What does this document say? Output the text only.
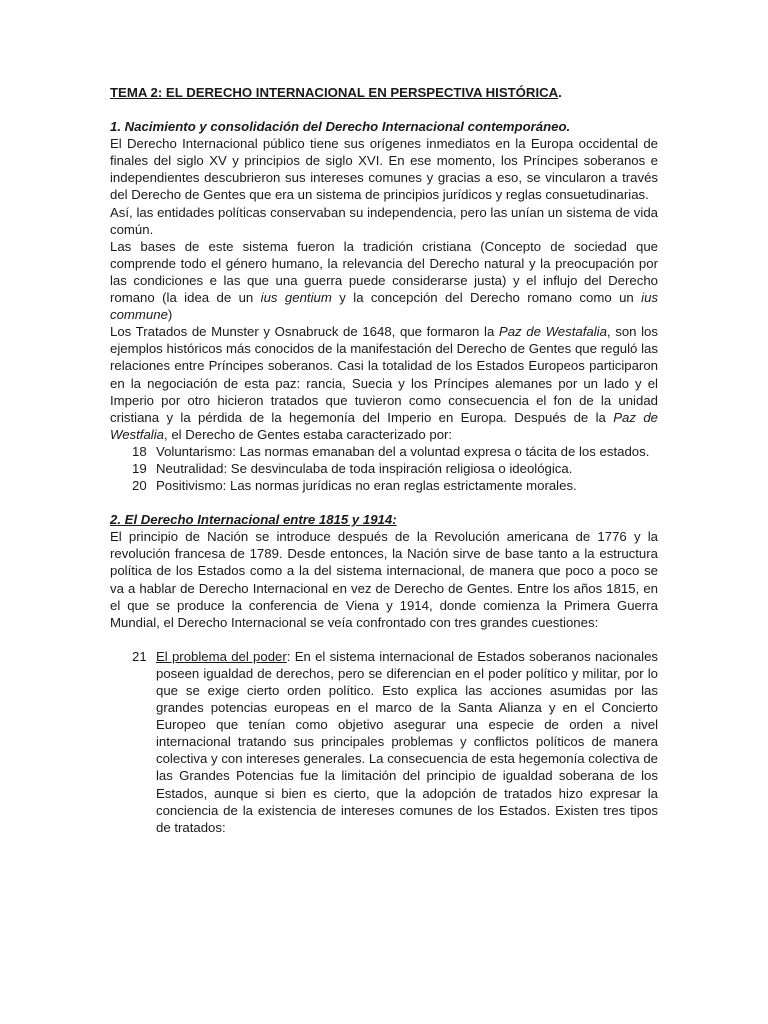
TEMA 2: EL DERECHO INTERNACIONAL EN PERSPECTIVA HISTÓRICA.
1. Nacimiento y consolidación del Derecho Internacional contemporáneo.

El Derecho Internacional público tiene sus orígenes inmediatos en la Europa occidental de finales del siglo XV y principios de siglo XVI. En ese momento, los Príncipes soberanos e independientes descubrieron sus intereses comunes y gracias a eso, se vincularon a través del Derecho de Gentes que era un sistema de principios jurídicos y reglas consuetudinarias.

Así, las entidades políticas conservaban su independencia, pero las unían un sistema de vida común.

Las bases de este sistema fueron la tradición cristiana (Concepto de sociedad que comprende todo el género humano, la relevancia del Derecho natural y la preocupación por las condiciones e las que una guerra puede considerarse justa) y el influjo del Derecho romano (la idea de un ius gentium y la concepción del Derecho romano como un ius commune)

Los Tratados de Munster y Osnabruck de 1648, que formaron la Paz de Westafalia, son los ejemplos históricos más conocidos de la manifestación del Derecho de Gentes que reguló las relaciones entre Príncipes soberanos. Casi la totalidad de los Estados Europeos participaron en la negociación de esta paz: rancia, Suecia y los Príncipes alemanes por un lado y el Imperio por otro hicieron tratados que tuvieron como consecuencia el fon de la unidad cristiana y la pérdida de la hegemonía del Imperio en Europa. Después de la Paz de Westfalia, el Derecho de Gentes estaba caracterizado por:

18 Voluntarismo: Las normas emanaban del a voluntad expresa o tácita de los estados.
19 Neutralidad: Se desvinculaba de toda inspiración religiosa o ideológica.
20 Positivismo: Las normas jurídicas no eran reglas estrictamente morales.
2. El Derecho Internacional entre 1815 y 1914:

El principio de Nación se introduce después de la Revolución americana de 1776 y la revolución francesa de 1789. Desde entonces, la Nación sirve de base tanto a la estructura política de los Estados como a la del sistema internacional, de manera que poco a poco se va a hablar de Derecho Internacional en vez de Derecho de Gentes. Entre los años 1815, en el que se produce la conferencia de Viena y 1914, donde comienza la Primera Guerra Mundial, el Derecho Internacional se veía confrontado con tres grandes cuestiones:

21 El problema del poder: En el sistema internacional de Estados soberanos nacionales poseen igualdad de derechos, pero se diferencian en el poder político y militar, por lo que se exige cierto orden político. Esto explica las acciones asumidas por las grandes potencias europeas en el marco de la Santa Alianza y en el Concierto Europeo que tenían como objetivo asegurar una especie de orden a nivel internacional tratando sus principales problemas y conflictos políticos de manera colectiva y con intereses generales. La consecuencia de esta hegemonía colectiva de las Grandes Potencias fue la limitación del principio de igualdad soberana de los Estados, aunque si bien es cierto, que la adopción de tratados hizo expresar la conciencia de la existencia de intereses comunes de los Estados. Existen tres tipos de tratados:
